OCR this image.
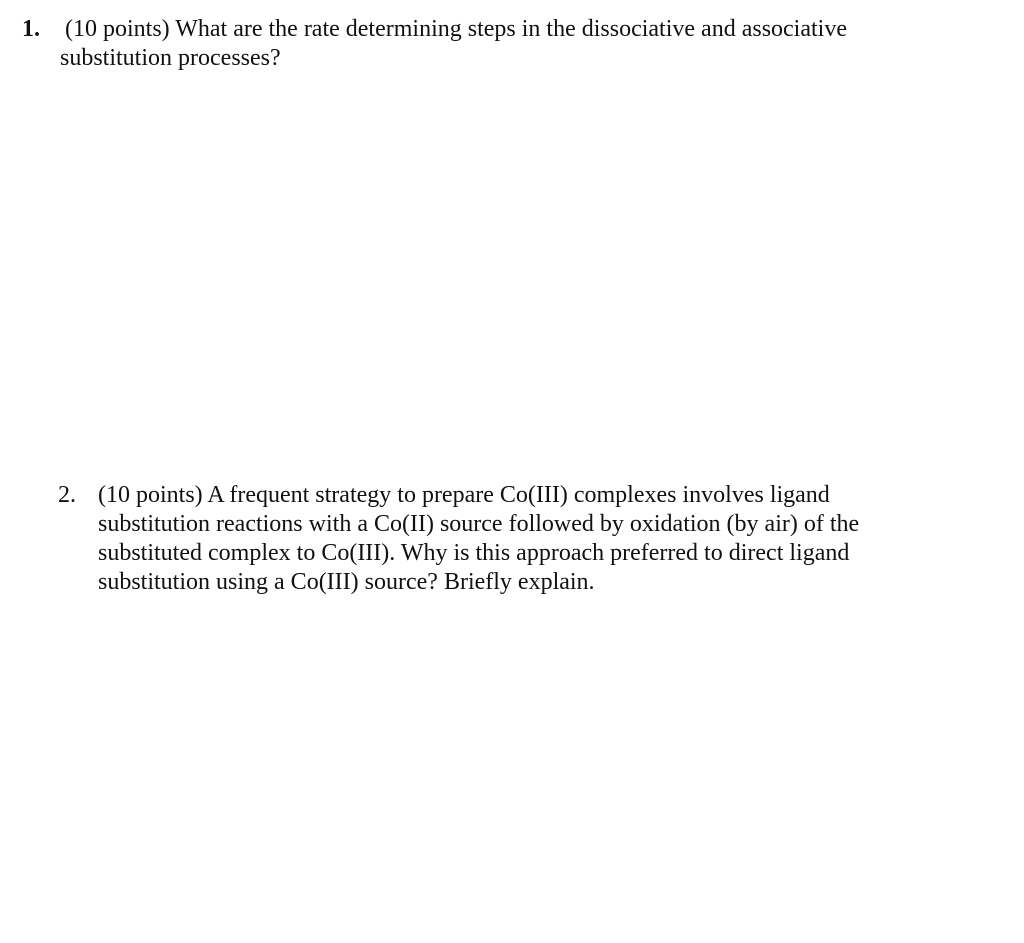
1.	(10 points) What are the rate determining steps in the dissociative and associative
substitution processes?
2. (10 points) A frequent strategy to prepare Co(III) complexes involves ligand
substitution reactions with a Co(II) source followed by oxidation (by air) of the
substituted complex to Co(III). Why is this approach preferred to direct ligand
substitution using a Co(III) source? Briefly explain.
